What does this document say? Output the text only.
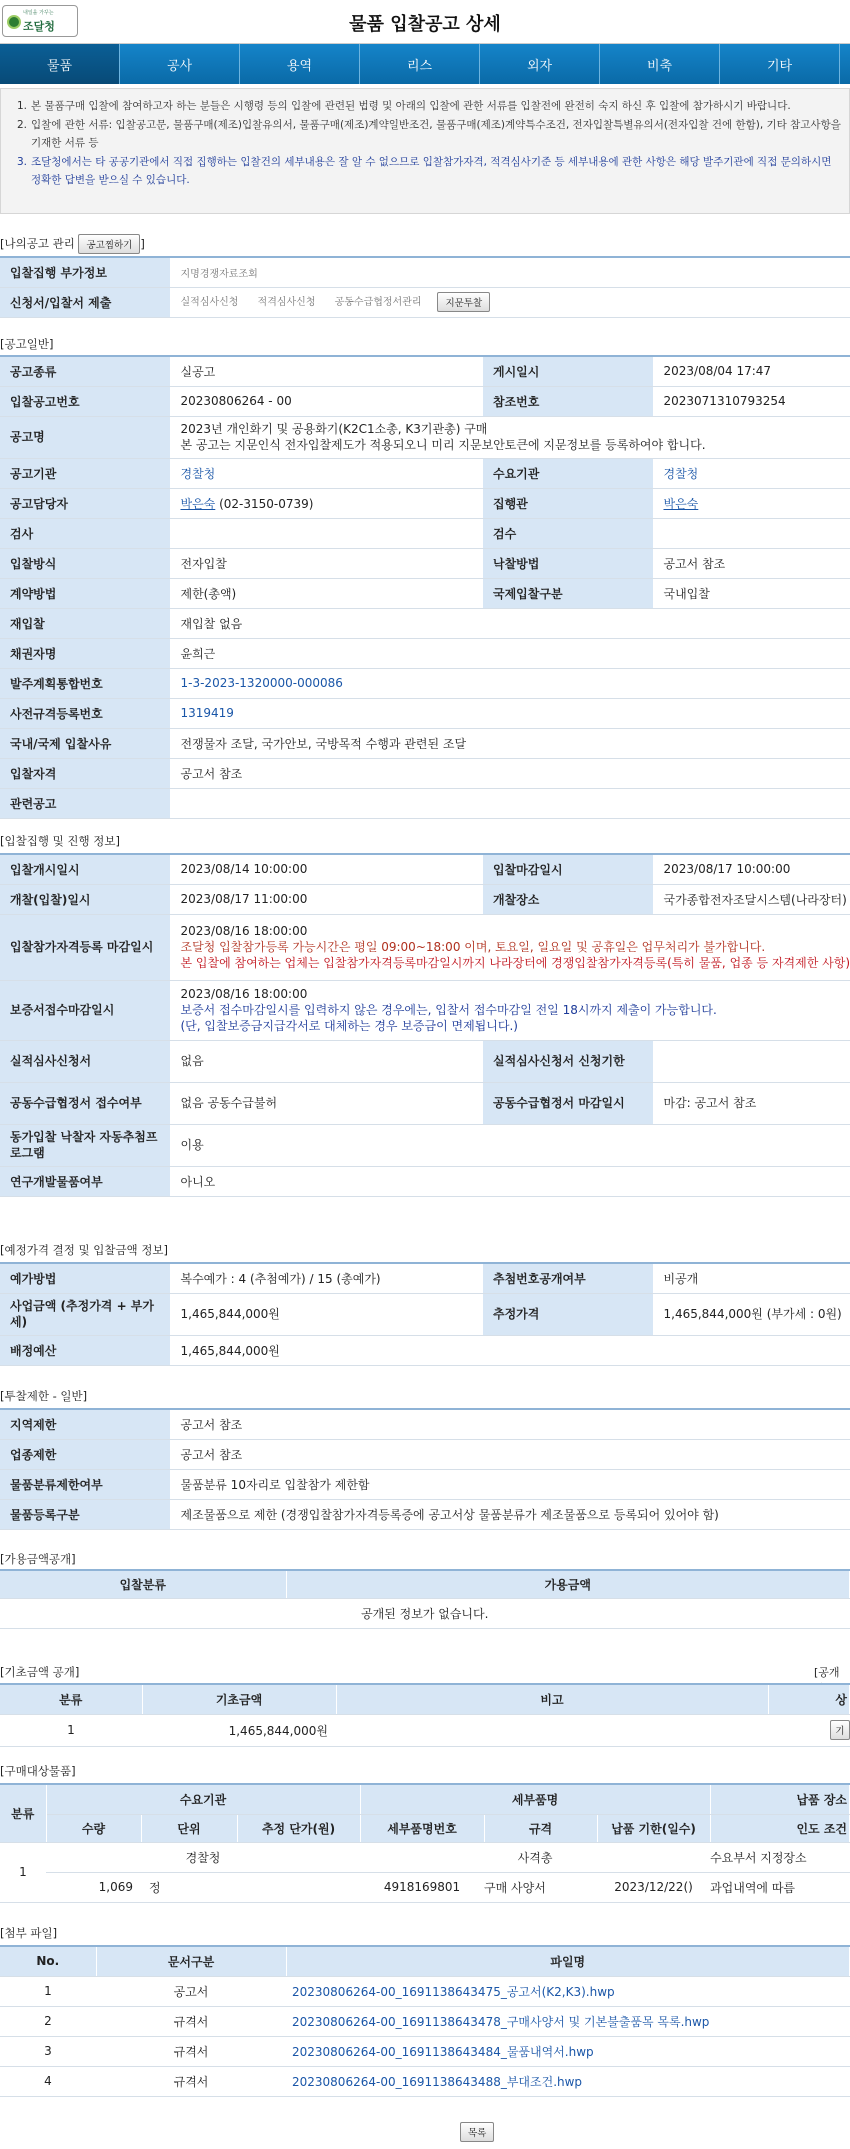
내일을 가꾸는
조달청	물품 입찰공고 상세
물품	공사	용역	리스	외자	비축	기타
1. 본 물품구매 입찰에 참여하고자 하는 분들은 시행령 등의 입찰에 관련된 법령 및 아래의 입찰에 관한 서류를 입찰전에 완전히 숙지 하신 후 입찰에 참가하시기 바랍니다.
2. 입찰에 관한 서류: 입찰공고문, 물품구매(제조)입찰유의서, 물품구매(제조)계약일반조건, 물품구매(제조)계약특수조건, 전자입찰특별유의서(전자입찰 건에 한함), 기타 참고사항을 기재한 서류 등
3. 조달청에서는 타 공공기관에서 직접 집행하는 입찰건의 세부내용은 잘 알 수 없으므로 입찰참가자격, 적격심사기준 등 세부내용에 관한 사항은 해당 발주기관에 직접 문의하시면 정확한 답변을 받으실 수 있습니다.
[ 나의공고 관리 공고찜하기 ]
입찰집행 부가정보	지명경쟁자료조회
신청서/입찰서 제출	실적심사신청 적격심사신청 공동수급협정서관리 지문투찰
[ 공고일반 ]
공고종류	실공고	게시일시	2023/08/04 17:47
입찰공고번호	20230806264 - 00	참조번호	2023071310793254
공고명	2023년 개인화기 및 공용화기(K2C1소총, K3기관총) 구매
본 공고는 지문인식 전자입찰제도가 적용되오니 미리 지문보안토큰에 지문정보를 등록하여야 합니다.		

공고기관	경찰청	수요기관	경찰청
공고담당자	박은숙 (02-3150-0739)	집행관	박은숙
검사		검수	
입찰방식	전자입찰	낙찰방법	공고서 참조
계약방법	제한(총액)	국제입찰구분	국내입찰
재입찰	재입찰 없음		
채권자명	윤희근		
발주계획통합번호	1-3-2023-1320000-000086		
사전규격등록번호	1319419		
국내/국제 입찰사유	전쟁물자 조달, 국가안보, 국방목적 수행과 관련된 조달		
입찰자격	공고서 참조		
관련공고			
[ 입찰집행 및 진행 정보 ]
입찰개시일시	2023/08/14 10:00:00	입찰마감일시	2023/08/17 10:00:00
개찰(입찰)일시	2023/08/17 11:00:00	개찰장소	국가종합전자조달시스템(나라장터)
입찰참가자격등록 마감일시	2023/08/16 18:00:00
조달청 입찰참가등록 가능시간은 평일 09:00~18:00 이며, 토요일, 일요일 및 공휴일은 업무처리가 불가합니다.
본 입찰에 참여하는 업체는 입찰참가자격등록마감일시까지 나라장터에 경쟁입찰참가자격등록(특히 물품, 업종 등 자격제한 사항)		

보증서접수마감일시	2023/08/16 18:00:00
보증서 접수마감일시를 입력하지 않은 경우에는, 입찰서 접수마감일 전일 18시까지 제출이 가능합니다.
(단, 입찰보증금지급각서로 대체하는 경우 보증금이 면제됩니다.)		

실적심사신청서	없음	실적심사신청서 신청기한	
공동수급협정서 접수여부	없음 공동수급불허	공동수급협정서 마감일시	마감: 공고서 참조
동가입찰 낙찰자 자동추첨프로그램	이용		
연구개발물품여부	아니오		
[ 예정가격 결정 및 입찰금액 정보 ]
예가방법	복수예가 : 4 (추첨예가) / 15 (총예가)	추첨번호공개여부	비공개
사업금액 (추정가격 + 부가세)	1,465,844,000원	추정가격	1,465,844,000원 (부가세 : 0원)
배정예산	1,465,844,000원		
[ 투찰제한 - 일반 ]
지역제한	공고서 참조
업종제한	공고서 참조
물품분류제한여부	물품분류 10자리로 입찰참가 제한함
물품등록구분	제조물품으로 제한 (경쟁입찰참가자격등록증에 공고서상 물품분류가 제조물품으로 등록되어 있어야 함)
[ 가용금액공개 ]
입찰분류	가용금액
공개된 정보가 없습니다.
[ 기초금액 공개 ]	[공개
분류	기초금액	비고	상
1	1,465,844,000원		기
[ 구매대상물품 ]
분류	수요기관			세부품명			납품 장소
	수량	단위	추정 단가(원)	세부품명번호	규격	납품 기한(일수)	인도 조건
1	경찰청			사격총			수요부서 지정장소
	1,069	정		4918169801	구매 사양서	2023/12/22()	과업내역에 따름
[ 첨부 파일 ]
No.	문서구분	파일명
1	공고서	20230806264-00_1691138643475_공고서(K2,K3).hwp
2	규격서	20230806264-00_1691138643478_구매사양서 및 기본불출품목 목록.hwp
3	규격서	20230806264-00_1691138643484_물품내역서.hwp
4	규격서	20230806264-00_1691138643488_부대조건.hwp
목록
